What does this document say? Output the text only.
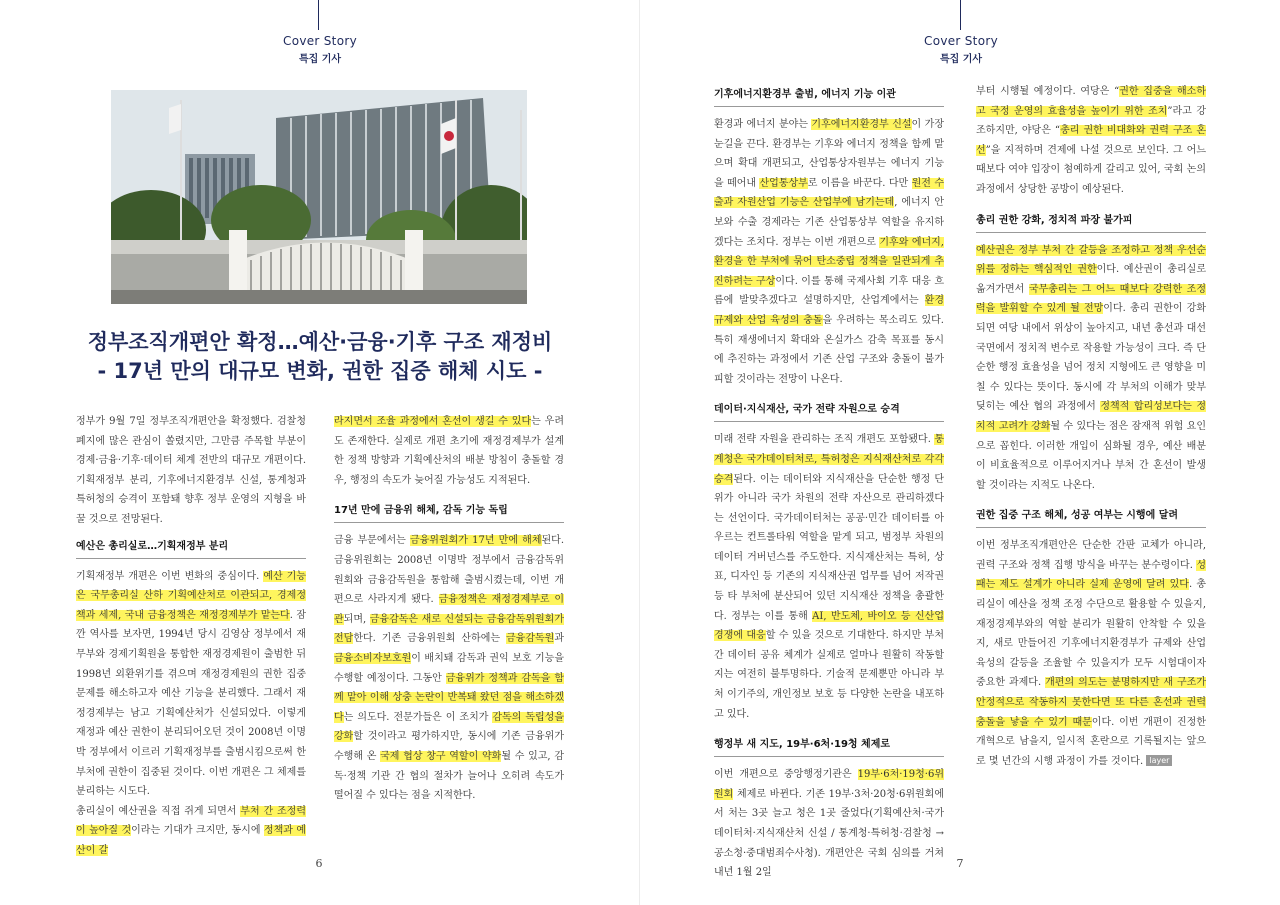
Cover Story
특집 기사
정부조직개편안 확정…예산·금융·기후 구조 재정비
- 17년 만의 대규모 변화, 권한 집중 해체 시도 -

정부가 9월 7일 정부조직개편안을 확정했다. 검찰청 폐지에 많은 관심이 쏠렸지만, 그만큼 주목할 부분이 경제·금융·기후·데이터 체계 전반의 대규모 개편이다. 기획재정부 분리, 기후에너지환경부 신설, 통계청과 특허청의 승격이 포함돼 향후 정부 운영의 지형을 바꿀 것으로 전망된다.

예산은 총리실로…기획재정부 분리

기획재정부 개편은 이번 변화의 중심이다. 예산 기능은 국무총리실 산하 기획예산처로 이관되고, 경제정책과 세제, 국내 금융정책은 재정경제부가 맡는다. 잠깐 역사를 보자면, 1994년 당시 김영삼 정부에서 재무부와 경제기획원을 통합한 재정경제원이 출범한 뒤 1998년 외환위기를 겪으며 재정경제원의 권한 집중 문제를 해소하고자 예산 기능을 분리했다. 그래서 재정경제부는 남고 기획예산처가 신설되었다. 이렇게 재정과 예산 권한이 분리되어오던 것이 2008년 이명박 정부에서 이르러 기획재정부를 출범시킴으로써 한 부처에 권한이 집중된 것이다. 이번 개편은 그 체제를 분리하는 시도다.

총리실이 예산권을 직접 쥐게 되면서 부처 간 조정력이 높아질 것이라는 기대가 크지만, 동시에 정책과 예산이 갈

라지면서 조율 과정에서 혼선이 생길 수 있다는 우려도 존재한다. 실제로 개편 초기에 재정경제부가 설계한 정책 방향과 기획예산처의 배분 방침이 충돌할 경우, 행정의 속도가 늦어질 가능성도 지적된다.

17년 만에 금융위 해체, 감독 기능 독립

금융 부문에서는 금융위원회가 17년 만에 해체된다. 금융위원회는 2008년 이명박 정부에서 금융감독위원회와 금융감독원을 통합해 출범시켰는데, 이번 개편으로 사라지게 됐다. 금융정책은 재정경제부로 이관되며, 금융감독은 새로 신설되는 금융감독위원회가 전담한다. 기존 금융위원회 산하에는 금융감독원과 금융소비자보호원이 배치돼 감독과 권익 보호 기능을 수행할 예정이다. 그동안 금융위가 정책과 감독을 함께 맡아 이해 상충 논란이 반복돼 왔던 점을 해소하겠다는 의도다. 전문가들은 이 조치가 감독의 독립성을 강화할 것이라고 평가하지만, 동시에 기존 금융위가 수행해 온 국제 협상 창구 역할이 약화될 수 있고, 감독·정책 기관 간 협의 절차가 늘어나 오히려 속도가 떨어질 수 있다는 점을 지적한다.

6
Cover Story
특집 기사
기후에너지환경부 출범, 에너지 기능 이관

환경과 에너지 분야는 기후에너지환경부 신설이 가장 눈길을 끈다. 환경부는 기후와 에너지 정책을 함께 맡으며 확대 개편되고, 산업통상자원부는 에너지 기능을 떼어내 산업통상부로 이름을 바꾼다. 다만 원전 수출과 자원산업 기능은 산업부에 남기는데, 에너지 안보와 수출 경제라는 기존 산업통상부 역할을 유지하겠다는 조치다. 정부는 이번 개편으로 기후와 에너지, 환경을 한 부처에 묶어 탄소중립 정책을 일관되게 추진하려는 구상이다. 이를 통해 국제사회 기후 대응 흐름에 발맞추겠다고 설명하지만, 산업계에서는 환경 규제와 산업 육성의 충돌을 우려하는 목소리도 있다. 특히 재생에너지 확대와 온실가스 감축 목표를 동시에 추진하는 과정에서 기존 산업 구조와 충돌이 불가피할 것이라는 전망이 나온다.

데이터·지식재산, 국가 전략 자원으로 승격

미래 전략 자원을 관리하는 조직 개편도 포함됐다. 통계청은 국가데이터처로, 특허청은 지식재산처로 각각 승격된다. 이는 데이터와 지식재산을 단순한 행정 단위가 아니라 국가 차원의 전략 자산으로 관리하겠다는 선언이다. 국가데이터처는 공공·민간 데이터를 아우르는 컨트롤타워 역할을 맡게 되고, 범정부 차원의 데이터 거버넌스를 주도한다. 지식재산처는 특허, 상표, 디자인 등 기존의 지식재산권 업무를 넘어 저작권 등 타 부처에 분산되어 있던 지식재산 정책을 총괄한다. 정부는 이를 통해 AI, 반도체, 바이오 등 신산업 경쟁에 대응할 수 있을 것으로 기대한다. 하지만 부처 간 데이터 공유 체계가 실제로 얼마나 원활히 작동할지는 여전히 불투명하다. 기술적 문제뿐만 아니라 부처 이기주의, 개인정보 보호 등 다양한 논란을 내포하고 있다.

행정부 새 지도, 19부·6처·19청 체제로

이번 개편으로 중앙행정기관은 19부·6처·19청·6위원회 체제로 바뀐다. 기존 19부·3처·20청·6위원회에서 처는 3곳 늘고 청은 1곳 줄었다(기획예산처·국가데이터처·지식재산처 신설 / 통계청·특허청·검찰청 → 공소청·중대범죄수사청). 개편안은 국회 심의를 거쳐 내년 1월 2일

부터 시행될 예정이다. 여당은 “권한 집중을 해소하고 국정 운영의 효율성을 높이기 위한 조치”라고 강조하지만, 야당은 “총리 권한 비대화와 권력 구조 혼선”을 지적하며 견제에 나설 것으로 보인다. 그 어느 때보다 여야 입장이 첨예하게 갈리고 있어, 국회 논의 과정에서 상당한 공방이 예상된다.

총리 권한 강화, 정치적 파장 불가피

예산권은 정부 부처 간 갈등을 조정하고 정책 우선순위를 정하는 핵심적인 권한이다. 예산권이 총리실로 옮겨가면서 국무총리는 그 어느 때보다 강력한 조정력을 발휘할 수 있게 될 전망이다. 총리 권한이 강화되면 여당 내에서 위상이 높아지고, 내년 총선과 대선 국면에서 정치적 변수로 작용할 가능성이 크다. 즉 단순한 행정 효율성을 넘어 정치 지형에도 큰 영향을 미칠 수 있다는 뜻이다. 동시에 각 부처의 이해가 맞부딪히는 예산 협의 과정에서 정책적 합리성보다는 정치적 고려가 강화될 수 있다는 점은 잠재적 위험 요인으로 꼽힌다. 이러한 개입이 심화될 경우, 예산 배분이 비효율적으로 이루어지거나 부처 간 혼선이 발생할 것이라는 지적도 나온다.

권한 집중 구조 해체, 성공 여부는 시행에 달려

이번 정부조직개편안은 단순한 간판 교체가 아니라, 권력 구조와 정책 집행 방식을 바꾸는 분수령이다. 성패는 제도 설계가 아니라 실제 운영에 달려 있다. 총리실이 예산을 정책 조정 수단으로 활용할 수 있을지, 재정경제부와의 역할 분리가 원활히 안착할 수 있을지, 새로 만들어진 기후에너지환경부가 규제와 산업 육성의 갈등을 조율할 수 있을지가 모두 시험대이자 중요한 과제다. 개편의 의도는 분명하지만 새 구조가 안정적으로 작동하지 못한다면 또 다른 혼선과 권력 충돌을 낳을 수 있기 때문이다. 이번 개편이 진정한 개혁으로 남을지, 일시적 혼란으로 기록될지는 앞으로 몇 년간의 시행 과정이 가를 것이다. layer

7
